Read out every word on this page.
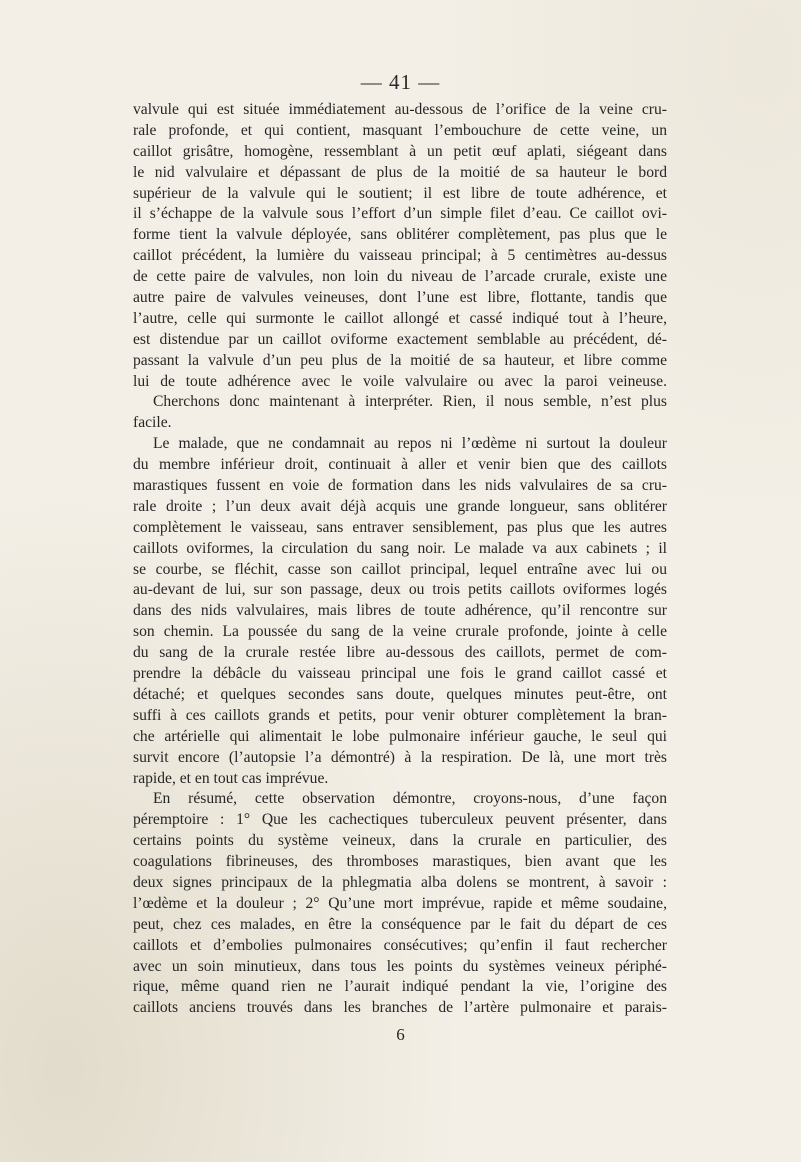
— 41 —
valvule qui est située immédiatement au-dessous de l’orifice de la veine cru-
rale profonde, et qui contient, masquant l’embouchure de cette veine, un
caillot grisâtre, homogène, ressemblant à un petit œuf aplati, siégeant dans
le nid valvulaire et dépassant de plus de la moitié de sa hauteur le bord
supérieur de la valvule qui le soutient; il est libre de toute adhérence, et
il s’échappe de la valvule sous l’effort d’un simple filet d’eau. Ce caillot ovi-
forme tient la valvule déployée, sans oblitérer complètement, pas plus que le
caillot précédent, la lumière du vaisseau principal; à 5 centimètres au-dessus
de cette paire de valvules, non loin du niveau de l’arcade crurale, existe une
autre paire de valvules veineuses, dont l’une est libre, flottante, tandis que
l’autre, celle qui surmonte le caillot allongé et cassé indiqué tout à l’heure,
est distendue par un caillot oviforme exactement semblable au précédent, dé-
passant la valvule d’un peu plus de la moitié de sa hauteur, et libre comme
lui de toute adhérence avec le voile valvulaire ou avec la paroi veineuse.
Cherchons donc maintenant à interpréter. Rien, il nous semble, n’est plus
facile.
Le malade, que ne condamnait au repos ni l’œdème ni surtout la douleur
du membre inférieur droit, continuait à aller et venir bien que des caillots
marastiques fussent en voie de formation dans les nids valvulaires de sa cru-
rale droite ; l’un deux avait déjà acquis une grande longueur, sans oblitérer
complètement le vaisseau, sans entraver sensiblement, pas plus que les autres
caillots oviformes, la circulation du sang noir. Le malade va aux cabinets ; il
se courbe, se fléchit, casse son caillot principal, lequel entraîne avec lui ou
au-devant de lui, sur son passage, deux ou trois petits caillots oviformes logés
dans des nids valvulaires, mais libres de toute adhérence, qu’il rencontre sur
son chemin. La poussée du sang de la veine crurale profonde, jointe à celle
du sang de la crurale restée libre au-dessous des caillots, permet de com-
prendre la débâcle du vaisseau principal une fois le grand caillot cassé et
détaché; et quelques secondes sans doute, quelques minutes peut-être, ont
suffi à ces caillots grands et petits, pour venir obturer complètement la bran-
che artérielle qui alimentait le lobe pulmonaire inférieur gauche, le seul qui
survit encore (l’autopsie l’a démontré) à la respiration. De là, une mort très
rapide, et en tout cas imprévue.
En résumé, cette observation démontre, croyons-nous, d’une façon
péremptoire : 1° Que les cachectiques tuberculeux peuvent présenter, dans
certains points du système veineux, dans la crurale en particulier, des
coagulations fibrineuses, des thromboses marastiques, bien avant que les
deux signes principaux de la phlegmatia alba dolens se montrent, à savoir :
l’œdème et la douleur ; 2° Qu’une mort imprévue, rapide et même soudaine,
peut, chez ces malades, en être la conséquence par le fait du départ de ces
caillots et d’embolies pulmonaires consécutives; qu’enfin il faut rechercher
avec un soin minutieux, dans tous les points du systèmes veineux périphé-
rique, même quand rien ne l’aurait indiqué pendant la vie, l’origine des
caillots anciens trouvés dans les branches de l’artère pulmonaire et parais-
6
